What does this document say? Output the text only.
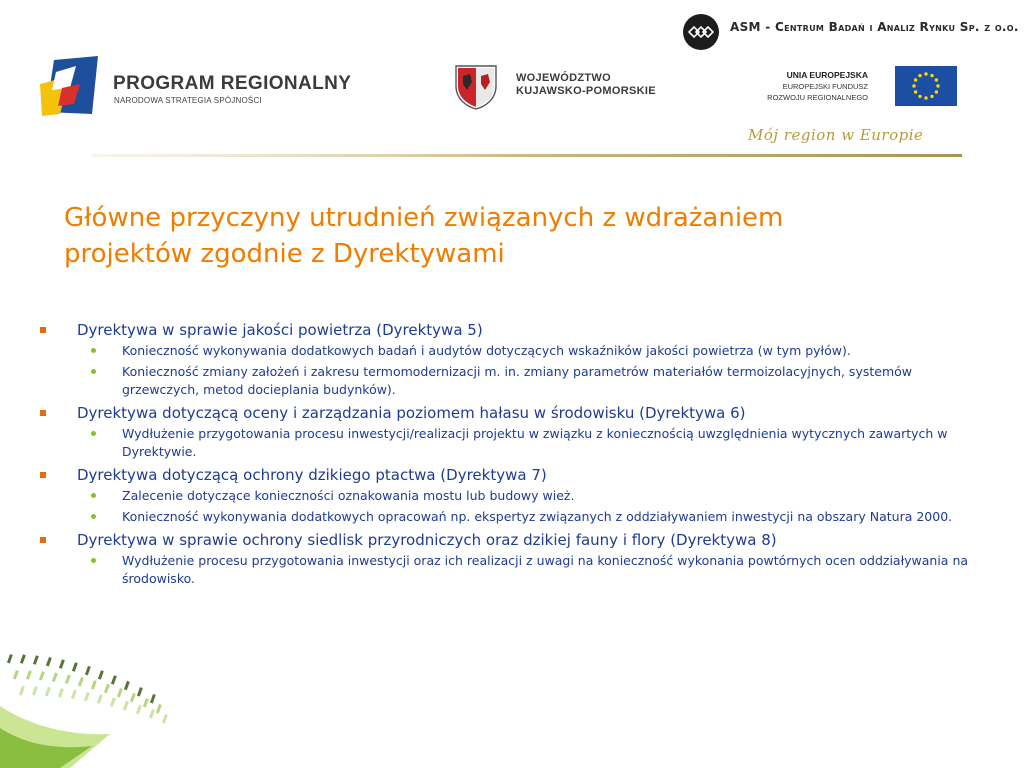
ASM - Centrum Badań i Analiz Rynku Sp. z o.o.
PROGRAM REGIONALNY
NARODOWA STRATEGIA SPÓJNOŚCI
WOJEWÓDZTWO
KUJAWSKO-POMORSKIE
UNIA EUROPEJSKA
EUROPEJSKI FUNDUSZ
ROZWOJU REGIONALNEGO
Mój region w Europie
Główne przyczyny utrudnień związanych z wdrażaniem
projektów zgodnie z Dyrektywami

Dyrektywa w sprawie jakości powietrza (Dyrektywa 5)

Konieczność wykonywania dodatkowych badań i audytów dotyczących wskaźników jakości powietrza (w tym pyłów).

Konieczność zmiany założeń i zakresu termomodernizacji m. in. zmiany parametrów materiałów termoizolacyjnych, systemów grzewczych, metod docieplania budynków).

Dyrektywa dotyczącą oceny i zarządzania poziomem hałasu w środowisku (Dyrektywa 6)

Wydłużenie przygotowania procesu inwestycji/realizacji projektu w związku z koniecznością uwzględnienia wytycznych zawartych w Dyrektywie.

Dyrektywa dotyczącą ochrony dzikiego ptactwa (Dyrektywa 7)

Zalecenie dotyczące konieczności oznakowania mostu lub budowy wież.

Konieczność wykonywania dodatkowych opracowań np. ekspertyz związanych z oddziaływaniem inwestycji na obszary Natura 2000.

Dyrektywa w sprawie ochrony siedlisk przyrodniczych oraz dzikiej fauny i flory (Dyrektywa 8)

Wydłużenie procesu przygotowania inwestycji oraz ich realizacji z uwagi na konieczność wykonania powtórnych ocen oddziaływania na środowisko.
